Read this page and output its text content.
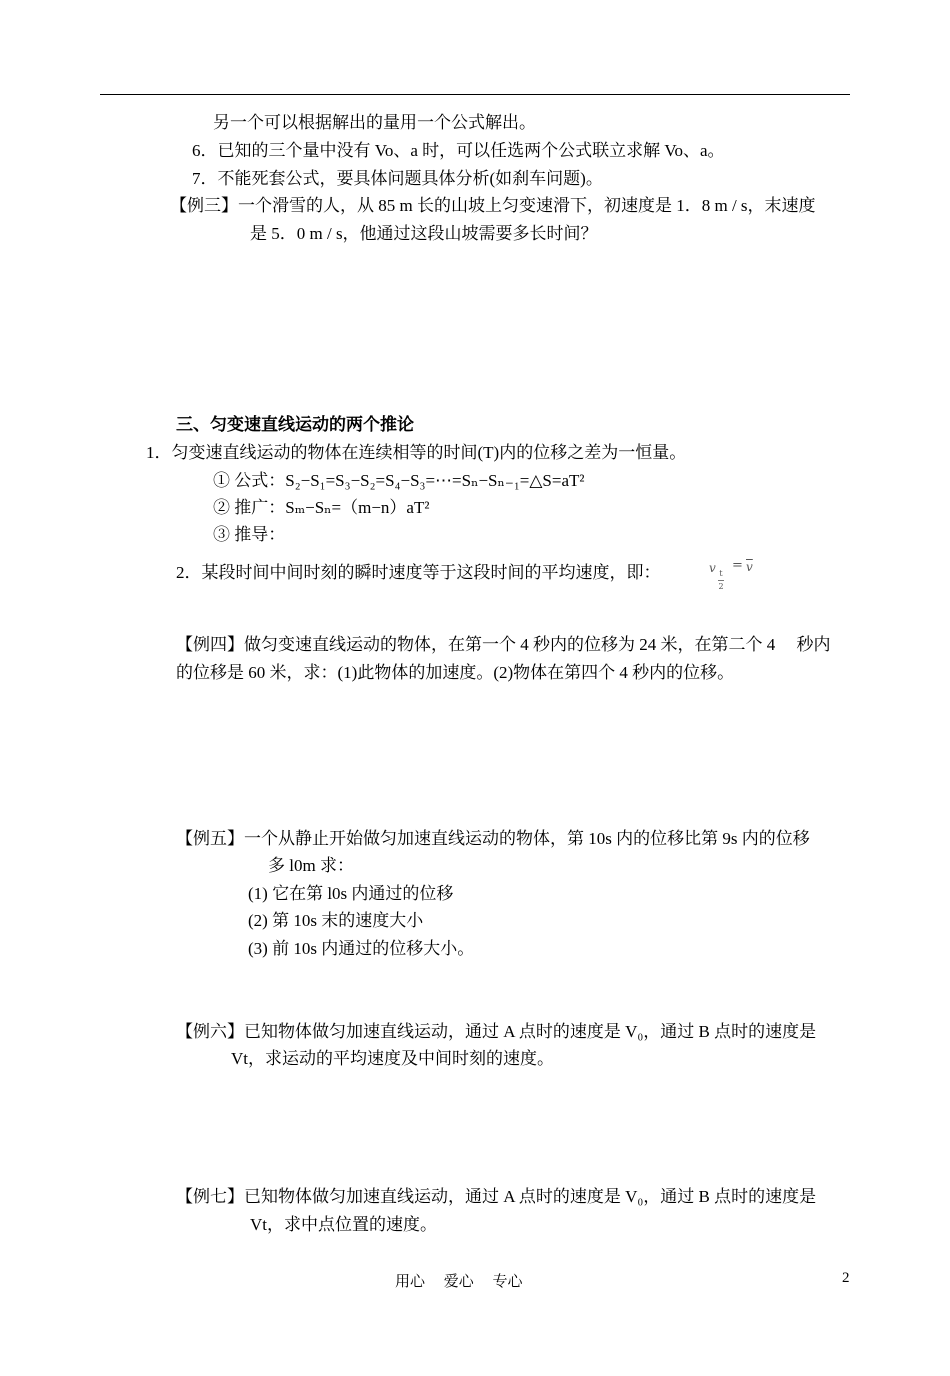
另一个可以根据解出的量用一个公式解出。
6．已知的三个量中没有 Vo、a 时，可以任选两个公式联立求解 Vo、a。
7．不能死套公式，要具体问题具体分析(如刹车问题)。
【例三】一个滑雪的人，从 85 m 长的山坡上匀变速滑下，初速度是 1．8 m / s，末速度
是 5．0 m / s，他通过这段山坡需要多长时间？
三、匀变速直线运动的两个推论
1．匀变速直线运动的物体在连续相等的时间(T)内的位移之差为一恒量。
① 公式：S₂−S₁=S₃−S₂=S₄−S₃=⋯=Sₙ−Sₙ₋₁=△S=aT²
② 推广：Sₘ−Sₙ=（m−n）aT²
③ 推导：
2．某段时间中间时刻的瞬时速度等于这段时间的平均速度，即：	v t
2
= $\overline{v}$
【例四】做匀变速直线运动的物体，在第一个 4 秒内的位移为 24 米，在第二个 4　 秒内
的位移是 60 米，求：(1)此物体的加速度。(2)物体在第四个 4 秒内的位移。
【例五】一个从静止开始做匀加速直线运动的物体，第 10s 内的位移比第 9s 内的位移
多 l0m 求：
(1) 它在第 l0s 内通过的位移
(2) 第 10s 末的速度大小
(3) 前 10s 内通过的位移大小。
【例六】已知物体做匀加速直线运动，通过 A 点时的速度是 V₀，通过 B 点时的速度是
Vt，求运动的平均速度及中间时刻的速度。
【例七】已知物体做匀加速直线运动，通过 A 点时的速度是 V₀，通过 B 点时的速度是
Vt，求中点位置的速度。
用心　 爱心　 专心	2
